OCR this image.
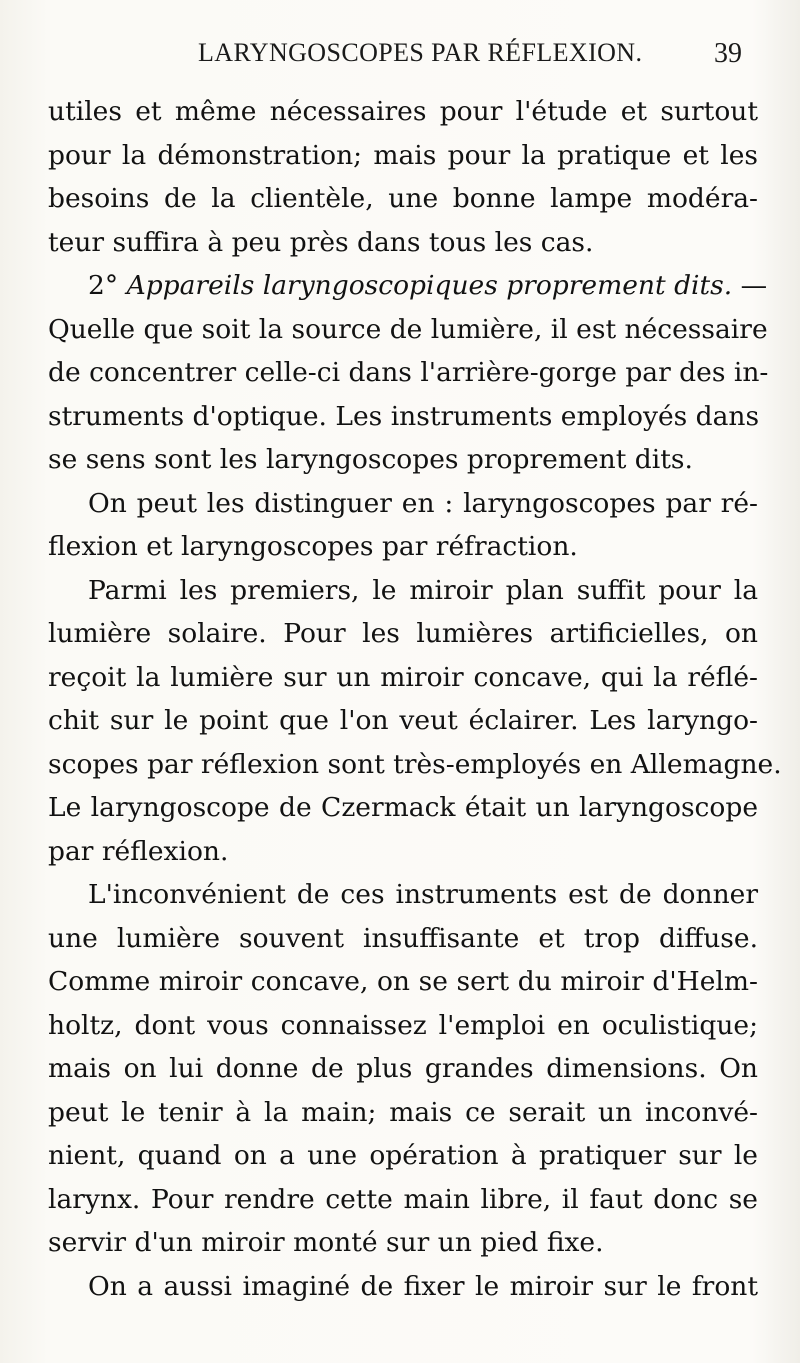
LARYNGOSCOPES PAR RÉFLEXION.	39
utiles et même nécessaires pour l'étude et surtout
pour la démonstration; mais pour la pratique et les
besoins de la clientèle, une bonne lampe modéra-
teur suffira à peu près dans tous les cas.
2° Appareils laryngoscopiques proprement dits. —
Quelle que soit la source de lumière, il est nécessaire
de concentrer celle-ci dans l'arrière-gorge par des in-
struments d'optique. Les instruments employés dans
se sens sont les laryngoscopes proprement dits.
On peut les distinguer en : laryngoscopes par ré-
flexion et laryngoscopes par réfraction.
Parmi les premiers, le miroir plan suffit pour la
lumière solaire. Pour les lumières artificielles, on
reçoit la lumière sur un miroir concave, qui la réflé-
chit sur le point que l'on veut éclairer. Les laryngo-
scopes par réflexion sont très-employés en Allemagne.
Le laryngoscope de Czermack était un laryngoscope
par réflexion.
L'inconvénient de ces instruments est de donner
une lumière souvent insuffisante et trop diffuse.
Comme miroir concave, on se sert du miroir d'Helm-
holtz, dont vous connaissez l'emploi en oculistique;
mais on lui donne de plus grandes dimensions. On
peut le tenir à la main; mais ce serait un inconvé-
nient, quand on a une opération à pratiquer sur le
larynx. Pour rendre cette main libre, il faut donc se
servir d'un miroir monté sur un pied fixe.
On a aussi imaginé de fixer le miroir sur le front
